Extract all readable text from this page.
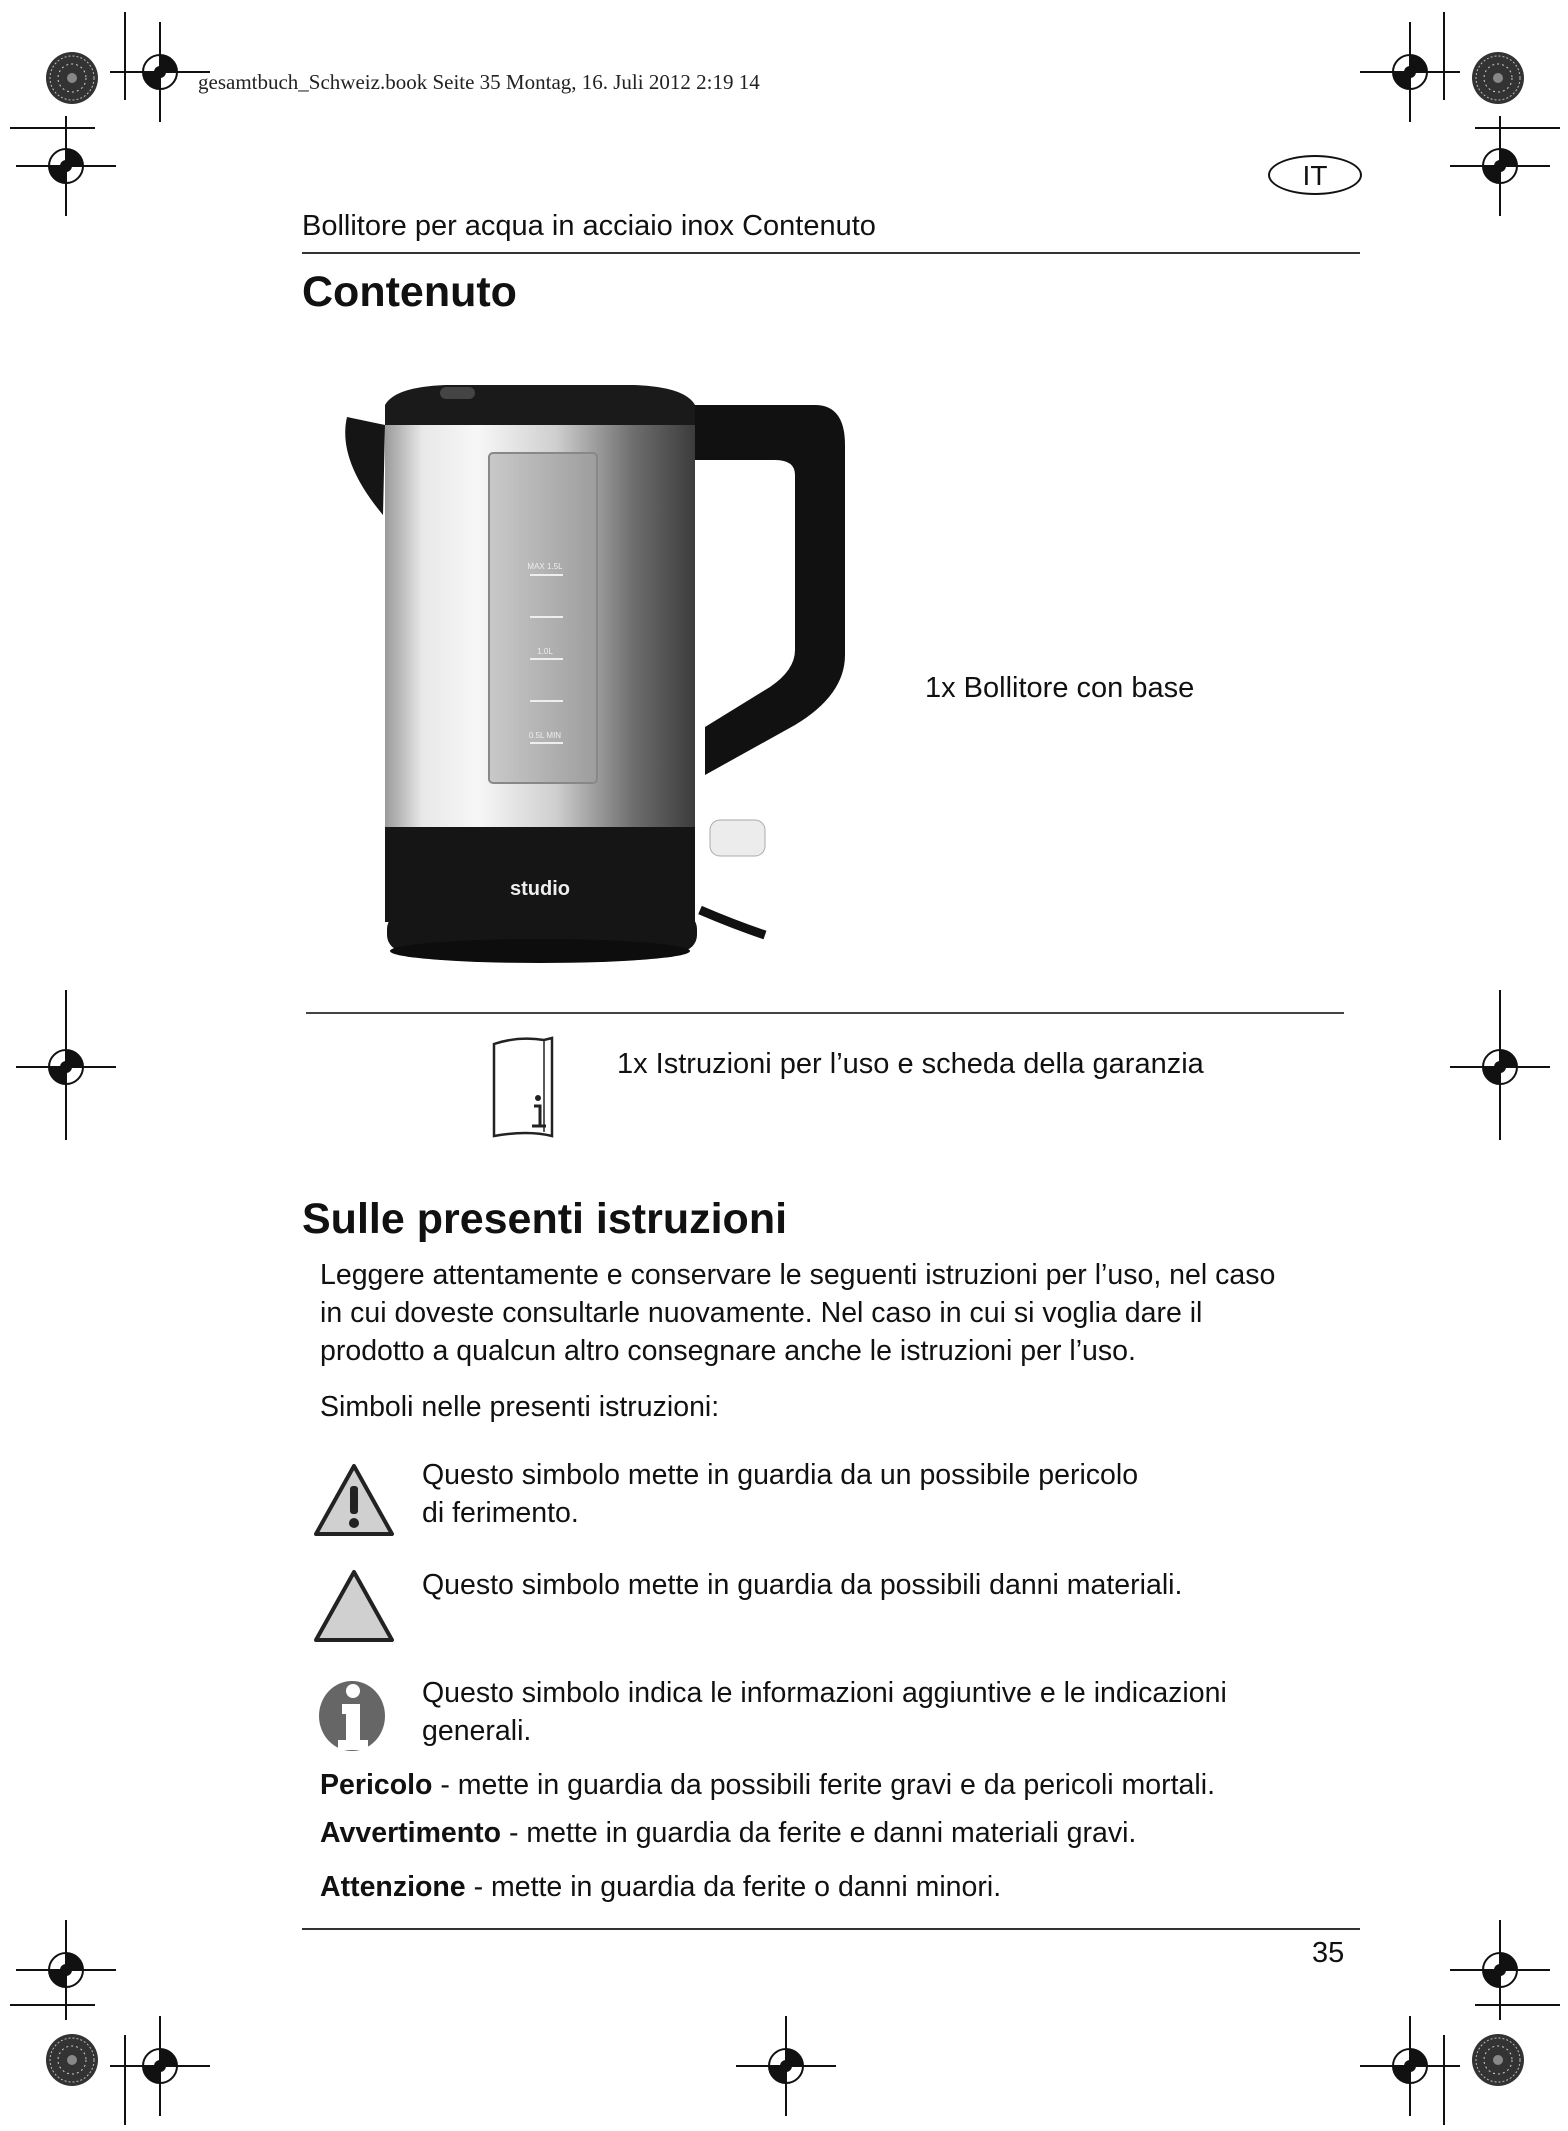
gesamtbuch_Schweiz.book Seite 35 Montag, 16. Juli 2012 2:19 14
IT
Bollitore per acqua in acciaio inox Contenuto
Contenuto
studio
MAX 1.5L
1.0L
0.5L MIN
1x Bollitore con base
1x Istruzioni per l’uso e scheda della garanzia
Sulle presenti istruzioni
Leggere attentamente e conservare le seguenti istruzioni per l’uso, nel caso
in cui doveste consultarle nuovamente. Nel caso in cui si voglia dare il
prodotto a qualcun altro consegnare anche le istruzioni per l’uso.
Simboli nelle presenti istruzioni:
Questo simbolo mette in guardia da un possibile pericolo
di ferimento.
Questo simbolo mette in guardia da possibili danni materiali.
Questo simbolo indica le informazioni aggiuntive e le indicazioni
generali.
Pericolo - mette in guardia da possibili ferite gravi e da pericoli mortali.
Avvertimento - mette in guardia da ferite e danni materiali gravi.
Attenzione - mette in guardia da ferite o danni minori.
35
